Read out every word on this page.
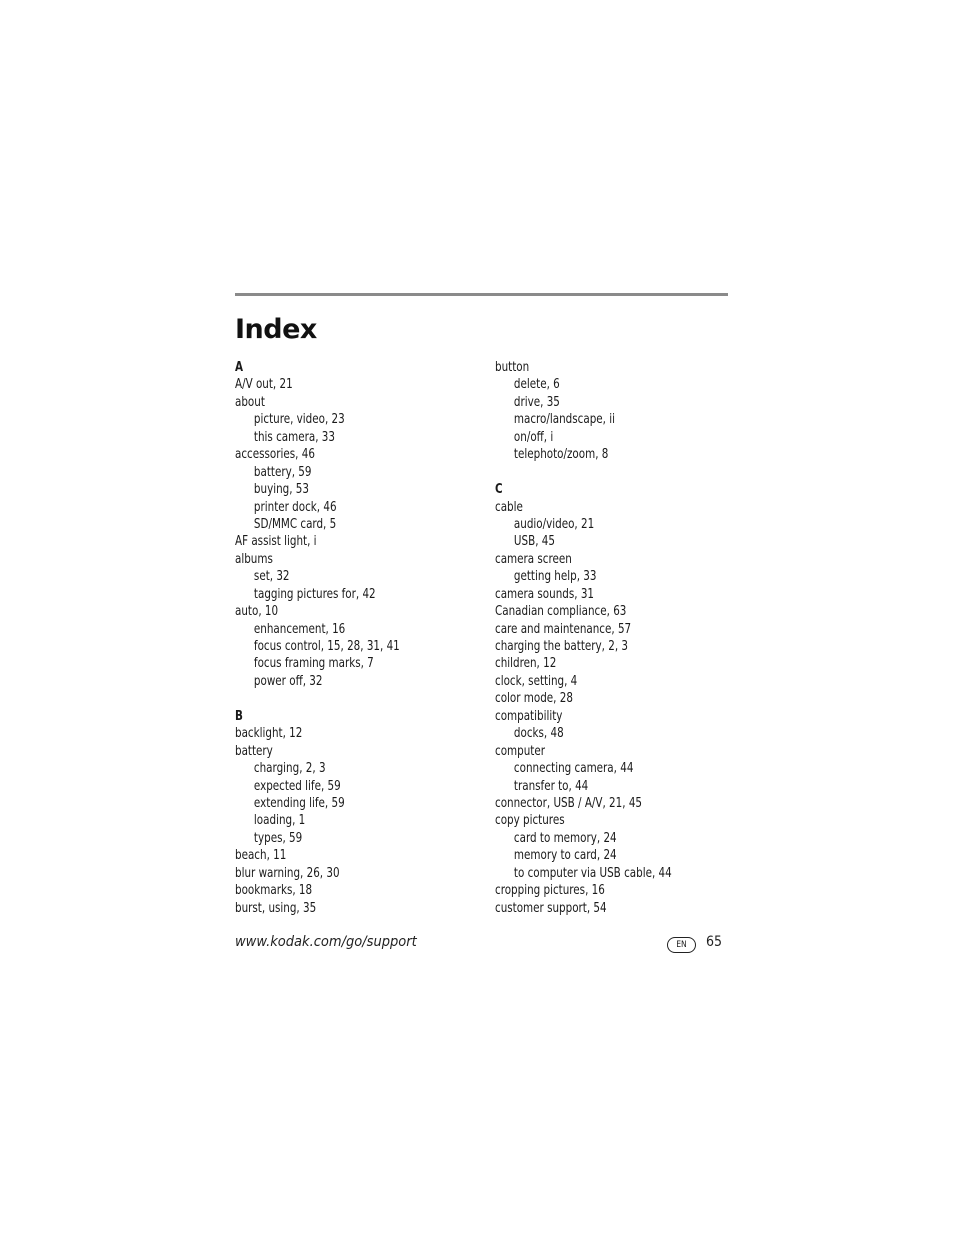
Index
A
A/V out, 21
about
picture, video, 23
this camera, 33
accessories, 46
battery, 59
buying, 53
printer dock, 46
SD/MMC card, 5
AF assist light, i
albums
set, 32
tagging pictures for, 42
auto, 10
enhancement, 16
focus control, 15, 28, 31, 41
focus framing marks, 7
power off, 32
B
backlight, 12
battery
charging, 2, 3
expected life, 59
extending life, 59
loading, 1
types, 59
beach, 11
blur warning, 26, 30
bookmarks, 18
burst, using, 35
button
delete, 6
drive, 35
macro/landscape, ii
on/off, i
telephoto/zoom, 8
C
cable
audio/video, 21
USB, 45
camera screen
getting help, 33
camera sounds, 31
Canadian compliance, 63
care and maintenance, 57
charging the battery, 2, 3
children, 12
clock, setting, 4
color mode, 28
compatibility
docks, 48
computer
connecting camera, 44
transfer to, 44
connector, USB / A/V, 21, 45
copy pictures
card to memory, 24
memory to card, 24
to computer via USB cable, 44
cropping pictures, 16
customer support, 54
www.kodak.com/go/support	EN	65
